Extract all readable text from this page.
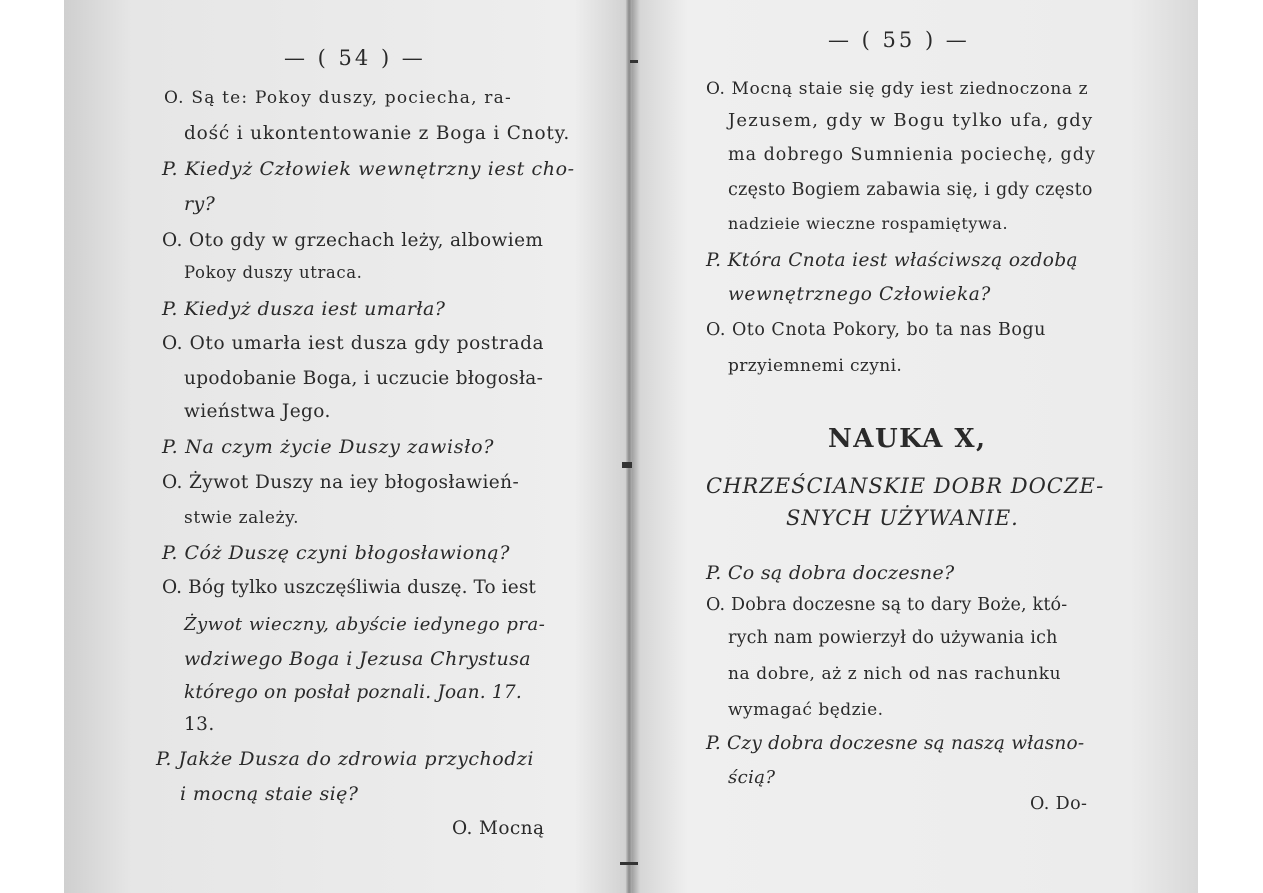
— ( 54 ) —
O. Są te: Pokoy duszy, pociecha, ra-
dość i ukontentowanie z Boga i Cnoty.
P. Kiedyż Człowiek wewnętrzny iest cho-
ry?
O. Oto gdy w grzechach leży, albowiem
Pokoy duszy utraca.
P. Kiedyż dusza iest umarła?
O. Oto umarła iest dusza gdy postrada
upodobanie Boga, i uczucie błogosła-
wieństwa Jego.
P. Na czym życie Duszy zawisło?
O. Żywot Duszy na iey błogosławień-
stwie zależy.
P. Cóż Duszę czyni błogosławioną?
O. Bóg tylko uszczęśliwia duszę. To iest
Żywot wieczny, abyście iedynego pra-
wdziwego Boga i Jezusa Chrystusa
którego on posłał poznali. Joan. 17.
13.
P. Jakże Dusza do zdrowia przychodzi
i mocną staie się?
O. Mocną
— ( 55 ) —
O. Mocną staie się gdy iest ziednoczona z
Jezusem, gdy w Bogu tylko ufa, gdy
ma dobrego Sumnienia pociechę, gdy
często Bogiem zabawia się, i gdy często
nadzieie wieczne rospamiętywa.
P. Która Cnota iest właściwszą ozdobą
wewnętrznego Człowieka?
O. Oto Cnota Pokory, bo ta nas Bogu
przyiemnemi czyni.
NAUKA X,
CHRZEŚCIANSKIE DOBR DOCZE-
SNYCH UŻYWANIE.
P. Co są dobra doczesne?
O. Dobra doczesne są to dary Boże, któ-
rych nam powierzył do używania ich
na dobre, aż z nich od nas rachunku
wymagać będzie.
P. Czy dobra doczesne są naszą własno-
ścią?
O. Do-
